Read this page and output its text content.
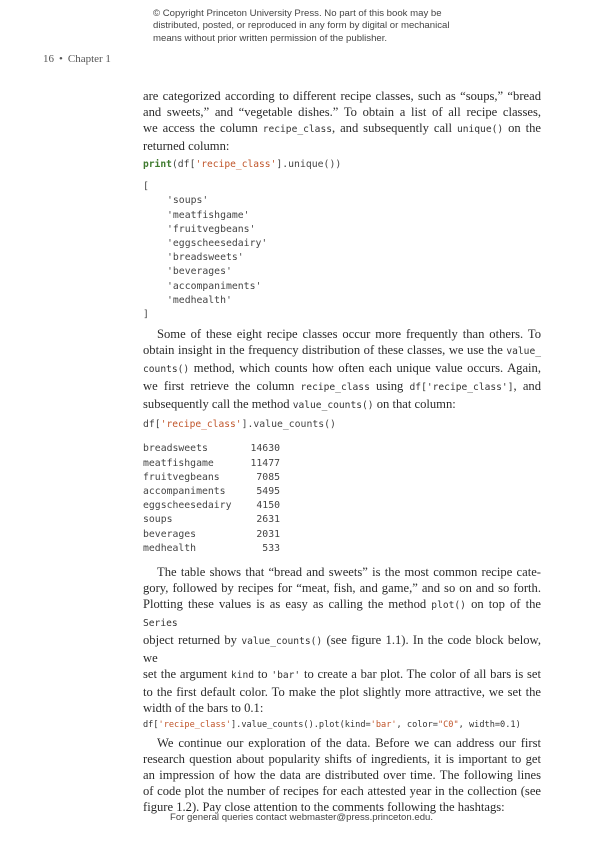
© Copyright Princeton University Press. No part of this book may be
distributed, posted, or reproduced in any form by digital or mechanical
means without prior written permission of the publisher.
16 • Chapter 1
are categorized according to different recipe classes, such as “soups,” “bread
and sweets,” and “vegetable dishes.” To obtain a list of all recipe classes,
we access the column recipe_class, and subsequently call unique() on the
returned column:
print(df['recipe_class'].unique())
[
'soups'
'meatfishgame'
'fruitvegbeans'
'eggscheesedairy'
'breadsweets'
'beverages'
'accompaniments'
'medhealth'
]
Some of these eight recipe classes occur more frequently than others. To
obtain insight in the frequency distribution of these classes, we use the value_
counts() method, which counts how often each unique value occurs. Again,
we first retrieve the column recipe_class using df['recipe_class'], and
subsequently call the method value_counts() on that column:
df['recipe_class'].value_counts()
breadsweets	14630
meatfishgame	11477
fruitvegbeans	7085
accompaniments	5495
eggscheesedairy	4150
soups	2631
beverages	2031
medhealth	533
The table shows that “bread and sweets” is the most common recipe cate-
gory, followed by recipes for “meat, fish, and game,” and so on and so forth.
Plotting these values is as easy as calling the method plot() on top of the Series
object returned by value_counts() (see figure 1.1). In the code block below, we
set the argument kind to 'bar' to create a bar plot. The color of all bars is set
to the first default color. To make the plot slightly more attractive, we set the
width of the bars to 0.1:
df['recipe_class'].value_counts().plot(kind='bar', color="C0", width=0.1)
We continue our exploration of the data. Before we can address our first
research question about popularity shifts of ingredients, it is important to get
an impression of how the data are distributed over time. The following lines
of code plot the number of recipes for each attested year in the collection (see
figure 1.2). Pay close attention to the comments following the hashtags:
For general queries contact webmaster@press.princeton.edu.
